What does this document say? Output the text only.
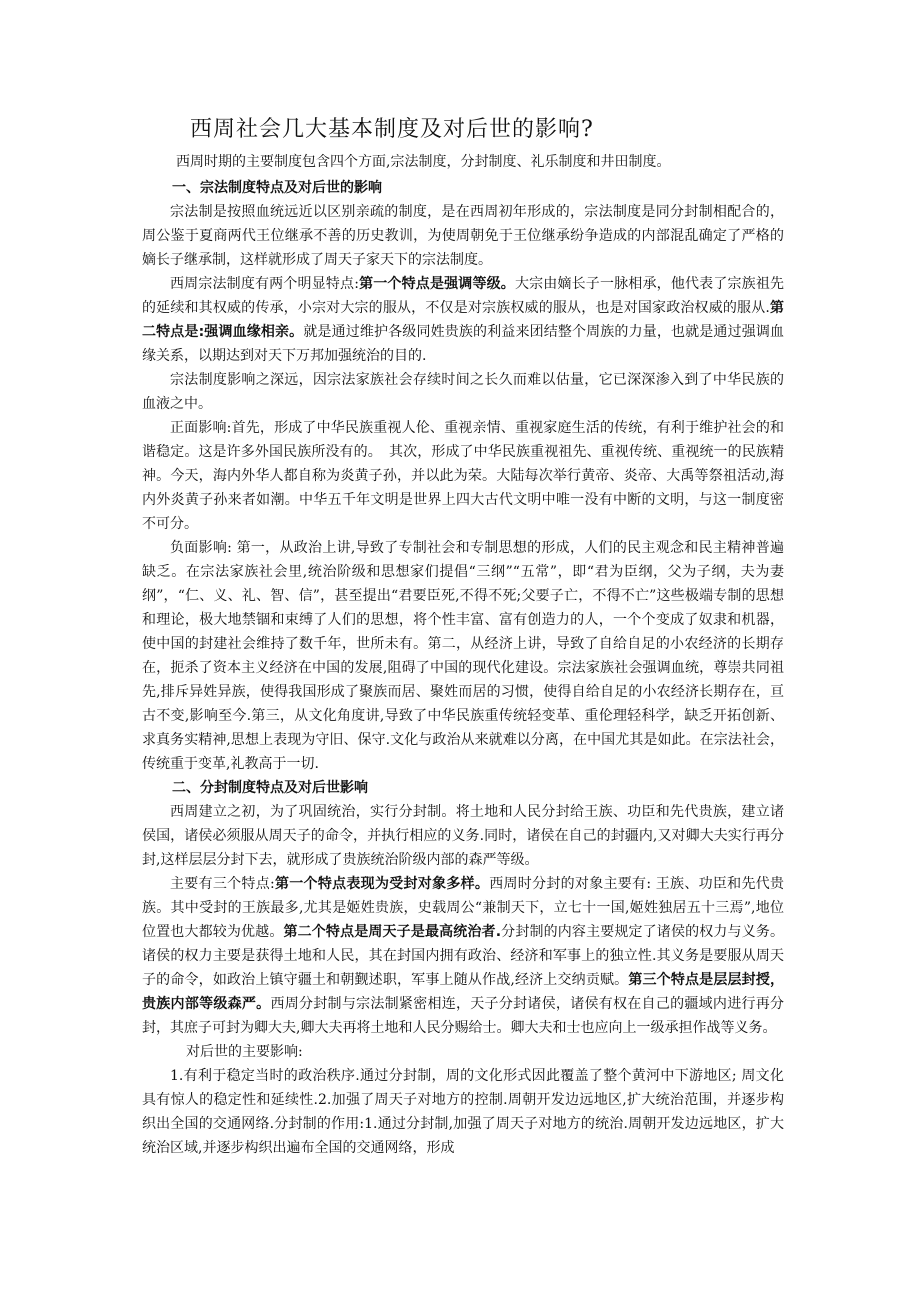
西周社会几大基本制度及对后世的影响?

西周时期的主要制度包含四个方面,宗法制度，分封制度、礼乐制度和井田制度。

一、宗法制度特点及对后世的影响

宗法制是按照血统远近以区别亲疏的制度，是在西周初年形成的，宗法制度是同分封制相配合的，周公鉴于夏商两代王位继承不善的历史教训，为使周朝免于王位继承纷争造成的内部混乱确定了严格的嫡长子继承制，这样就形成了周天子家天下的宗法制度。

西周宗法制度有两个明显特点:第一个特点是强调等级。大宗由嫡长子一脉相承，他代表了宗族祖先的延续和其权威的传承，小宗对大宗的服从，不仅是对宗族权威的服从，也是对国家政治权威的服从.第二特点是:强调血缘相亲。就是通过维护各级同姓贵族的利益来团结整个周族的力量，也就是通过强调血缘关系，以期达到对天下万邦加强统治的目的.

宗法制度影响之深远，因宗法家族社会存续时间之长久而难以估量，它已深深渗入到了中华民族的血液之中。

正面影响:首先，形成了中华民族重视人伦、重视亲情、重视家庭生活的传统，有利于维护社会的和谐稳定。这是许多外国民族所没有的。　其次，形成了中华民族重视祖先、重视传统、重视统一的民族精神。今天，海内外华人都自称为炎黄子孙，并以此为荣。大陆每次举行黄帝、炎帝、大禹等祭祖活动,海内外炎黄子孙来者如潮。中华五千年文明是世界上四大古代文明中唯一没有中断的文明，与这一制度密不可分。

负面影响: 第一，从政治上讲,导致了专制社会和专制思想的形成，人们的民主观念和民主精神普遍缺乏。在宗法家族社会里,统治阶级和思想家们提倡“三纲”“五常”，即“君为臣纲，父为子纲，夫为妻纲”，“仁、义、礼、智、信”，甚至提出“君要臣死,不得不死;父要子亡，不得不亡”这些极端专制的思想和理论，极大地禁锢和束缚了人们的思想，将个性丰富、富有创造力的人，一个个变成了奴隶和机器，使中国的封建社会维持了数千年，世所未有。第二，从经济上讲，导致了自给自足的小农经济的长期存在，扼杀了资本主义经济在中国的发展,阻碍了中国的现代化建设。宗法家族社会强调血统，尊崇共同祖先,排斥异姓异族，使得我国形成了聚族而居、聚姓而居的习惯，使得自给自足的小农经济长期存在，亘古不变,影响至今.第三，从文化角度讲,导致了中华民族重传统轻变革、重伦理轻科学，缺乏开拓创新、求真务实精神,思想上表现为守旧、保守.文化与政治从来就难以分离，在中国尤其是如此。在宗法社会，传统重于变革,礼教高于一切.

二、分封制度特点及对后世影响

西周建立之初，为了巩固统治，实行分封制。将土地和人民分封给王族、功臣和先代贵族，建立诸侯国，诸侯必须服从周天子的命令，并执行相应的义务.同时，诸侯在自己的封疆内,又对卿大夫实行再分封,这样层层分封下去，就形成了贵族统治阶级内部的森严等级。

主要有三个特点:第一个特点表现为受封对象多样。西周时分封的对象主要有: 王族、功臣和先代贵族。其中受封的王族最多,尤其是姬姓贵族，史载周公“兼制天下，立七十一国,姬姓独居五十三焉”,地位位置也大都较为优越。第二个特点是周天子是最高统治者.分封制的内容主要规定了诸侯的权力与义务。诸侯的权力主要是获得土地和人民，其在封国内拥有政治、经济和军事上的独立性.其义务是要服从周天子的命令，如政治上镇守疆土和朝觐述职，军事上随从作战,经济上交纳贡赋。第三个特点是层层封授，贵族内部等级森严。西周分封制与宗法制紧密相连，天子分封诸侯，诸侯有权在自己的疆域内进行再分封，其庶子可封为卿大夫,卿大夫再将土地和人民分赐给士。卿大夫和士也应向上一级承担作战等义务。

对后世的主要影响:

1.有利于稳定当时的政治秩序.通过分封制，周的文化形式因此覆盖了整个黄河中下游地区; 周文化具有惊人的稳定性和延续性.2.加强了周天子对地方的控制.周朝开发边远地区,扩大统治范围，并逐步构织出全国的交通网络.分封制的作用:1.通过分封制,加强了周天子对地方的统治.周朝开发边远地区，扩大统治区域,并逐步构织出遍布全国的交通网络，形成
